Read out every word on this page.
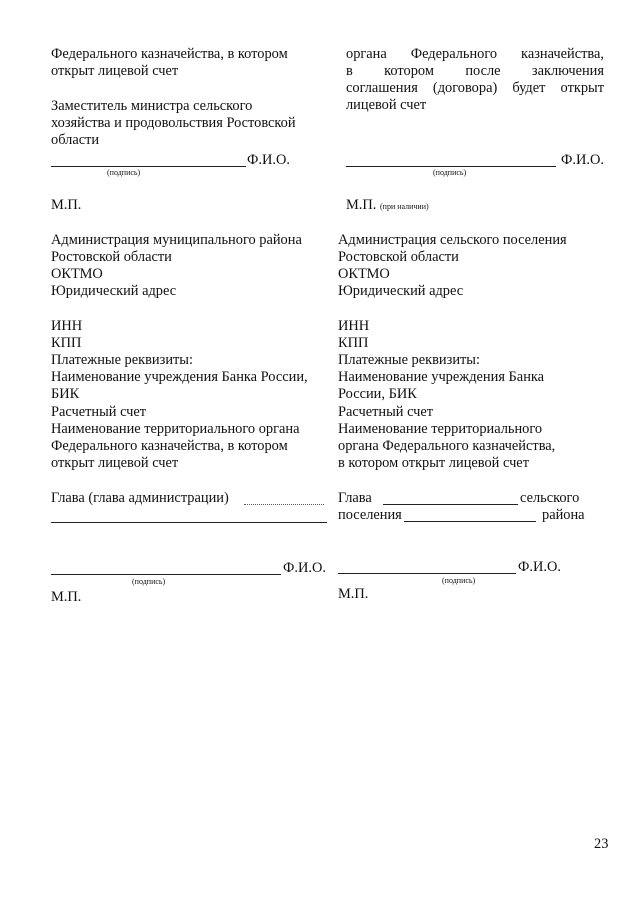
Федерального казначейства, в котором
открыт лицевой счет
Заместитель министра сельского
хозяйства и продовольствия Ростовской
области
Ф.И.О.
(подпись)
М.П.
органа Федерального казначейства,
в котором после заключения
соглашения (договора) будет открыт
лицевой счет
Ф.И.О.
(подпись)
М.П. (при наличии)
Администрация муниципального района
Ростовской области
ОКТМО
Юридический адрес
ИНН
КПП
Платежные реквизиты:
Наименование учреждения Банка России,
БИК
Расчетный счет
Наименование территориального органа
Федерального казначейства, в котором
открыт лицевой счет
Глава (глава администрации)
Ф.И.О.
(подпись)
М.П.
Администрация сельского поселения
Ростовской области
ОКТМО
Юридический адрес
ИНН
КПП
Платежные реквизиты:
Наименование учреждения Банка
России, БИК
Расчетный счет
Наименование территориального
органа Федерального казначейства,
в котором открыт лицевой счет
Глава	сельского
поселения	района
Ф.И.О.
(подпись)
М.П.
23
